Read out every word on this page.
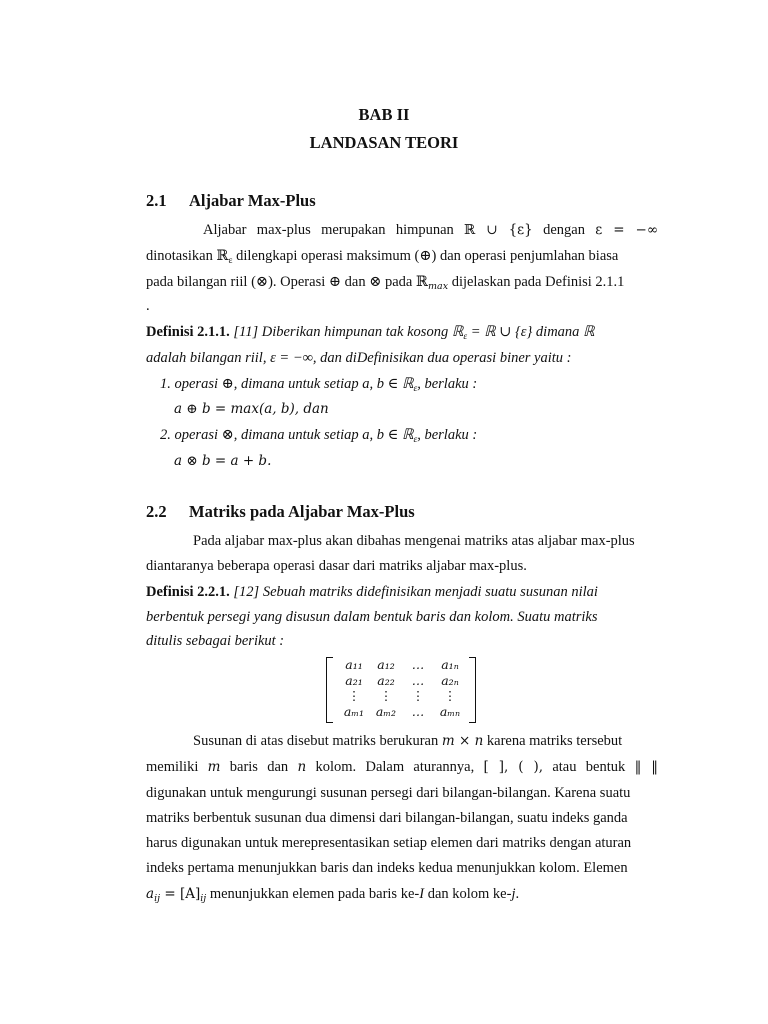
BAB II
LANDASAN TEORI
2.1 Aljabar Max-Plus
Aljabar max-plus merupakan himpunan ℝ ∪ {ε} dengan ε = −∞
dinotasikan ℝ$_\varepsilon$ dilengkapi operasi maksimum (⊕) dan operasi penjumlahan biasa
pada bilangan riil (⊗). Operasi ⊕ dan ⊗ pada ℝ$_{max}$ dijelaskan pada Definisi 2.1.1
.
Definisi 2.1.1. [11] Diberikan himpunan tak kosong ℝ$_\varepsilon$ = ℝ ∪ {ε} dimana ℝ
adalah bilangan riil, ε = −∞, dan diDefinisikan dua operasi biner yaitu :
1. operasi ⊕, dimana untuk setiap a, b ∈ ℝ$_\varepsilon$, berlaku :
a ⊕ b = max(a, b), dan
2. operasi ⊗, dimana untuk setiap a, b ∈ ℝ$_\varepsilon$, berlaku :
a ⊗ b = a + b.
2.2 Matriks pada Aljabar Max-Plus
Pada aljabar max-plus akan dibahas mengenai matriks atas aljabar max-plus
diantaranya beberapa operasi dasar dari matriks aljabar max-plus.
Definisi 2.2.1. [12] Sebuah matriks didefinisikan menjadi suatu susunan nilai
berbentuk persegi yang disusun dalam bentuk baris dan kolom. Suatu matriks
ditulis sebagai berikut :
a₁₁	a₁₂	…	a₁ₙ
a₂₁	a₂₂	…	a₂ₙ
⋮	⋮	⋮	⋮
aₘ₁ aₘ₂	…	aₘₙ
Susunan di atas disebut matriks berukuran m × n karena matriks tersebut
memiliki m baris dan n kolom. Dalam aturannya, [ ], ( ), atau bentuk ‖ ‖
digunakan untuk mengurungi susunan persegi dari bilangan-bilangan. Karena suatu
matriks berbentuk susunan dua dimensi dari bilangan-bilangan, suatu indeks ganda
harus digunakan untuk merepresentasikan setiap elemen dari matriks dengan aturan
indeks pertama menunjukkan baris dan indeks kedua menunjukkan kolom. Elemen
$a_{ij} = [A]_{ij}$ menunjukkan elemen pada baris ke-I dan kolom ke-j.
